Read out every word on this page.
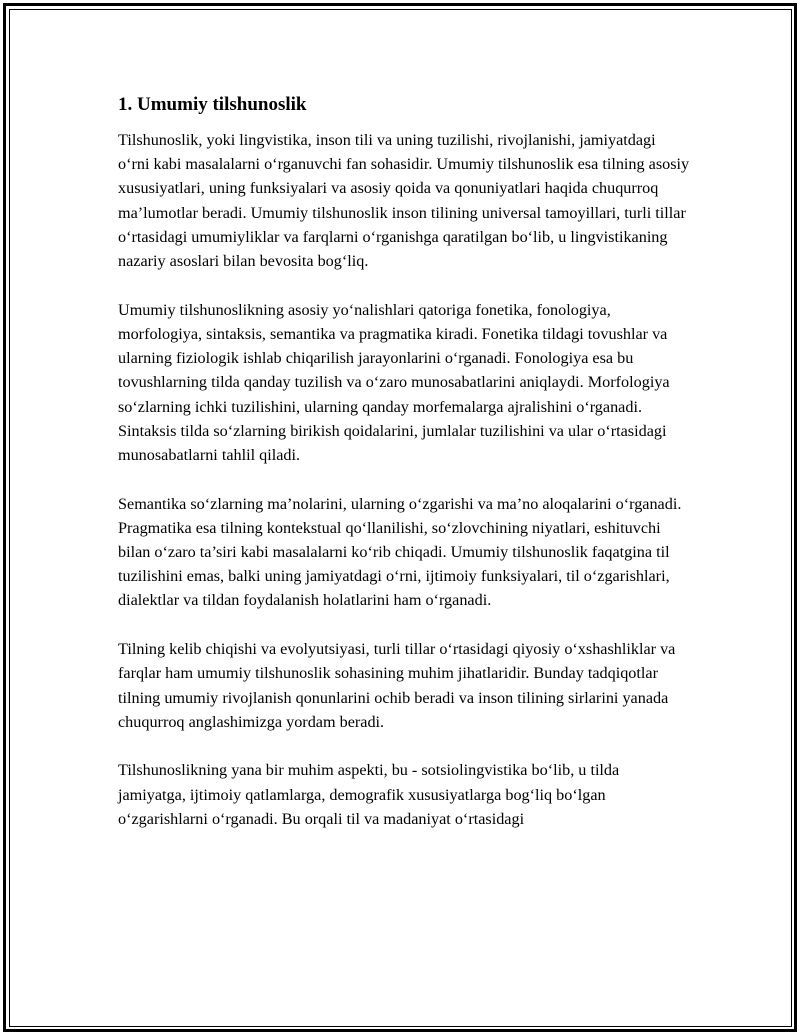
1. Umumiy tilshunoslik

Tilshunoslik, yoki lingvistika, inson tili va uning tuzilishi, rivojlanishi, jamiyatdagi o‘rni kabi masalalarni o‘rganuvchi fan sohasidir. Umumiy tilshunoslik esa tilning asosiy xususiyatlari, uning funksiyalari va asosiy qoida va qonuniyatlari haqida chuqurroq ma’lumotlar beradi. Umumiy tilshunoslik inson tilining universal tamoyillari, turli tillar o‘rtasidagi umumiyliklar va farqlarni o‘rganishga qaratilgan bo‘lib, u lingvistikaning nazariy asoslari bilan bevosita bog‘liq.

Umumiy tilshunoslikning asosiy yo‘nalishlari qatoriga fonetika, fonologiya, morfologiya, sintaksis, semantika va pragmatika kiradi. Fonetika tildagi tovushlar va ularning fiziologik ishlab chiqarilish jarayonlarini o‘rganadi. Fonologiya esa bu tovushlarning tilda qanday tuzilish va o‘zaro munosabatlarini aniqlaydi. Morfologiya so‘zlarning ichki tuzilishini, ularning qanday morfemalarga ajralishini o‘rganadi. Sintaksis tilda so‘zlarning birikish qoidalarini, jumlalar tuzilishini va ular o‘rtasidagi munosabatlarni tahlil qiladi.

Semantika so‘zlarning ma’nolarini, ularning o‘zgarishi va ma’no aloqalarini o‘rganadi. Pragmatika esa tilning kontekstual qo‘llanilishi, so‘zlovchining niyatlari, eshituvchi bilan o‘zaro ta’siri kabi masalalarni ko‘rib chiqadi. Umumiy tilshunoslik faqatgina til tuzilishini emas, balki uning jamiyatdagi o‘rni, ijtimoiy funksiyalari, til o‘zgarishlari, dialektlar va tildan foydalanish holatlarini ham o‘rganadi.

Tilning kelib chiqishi va evolyutsiyasi, turli tillar o‘rtasidagi qiyosiy o‘xshashliklar va farqlar ham umumiy tilshunoslik sohasining muhim jihatlaridir. Bunday tadqiqotlar tilning umumiy rivojlanish qonunlarini ochib beradi va inson tilining sirlarini yanada chuqurroq anglashimizga yordam beradi.

Tilshunoslikning yana bir muhim aspekti, bu - sotsiolingvistika bo‘lib, u tilda jamiyatga, ijtimoiy qatlamlarga, demografik xususiyatlarga bog‘liq bo‘lgan o‘zgarishlarni o‘rganadi. Bu orqali til va madaniyat o‘rtasidagi
